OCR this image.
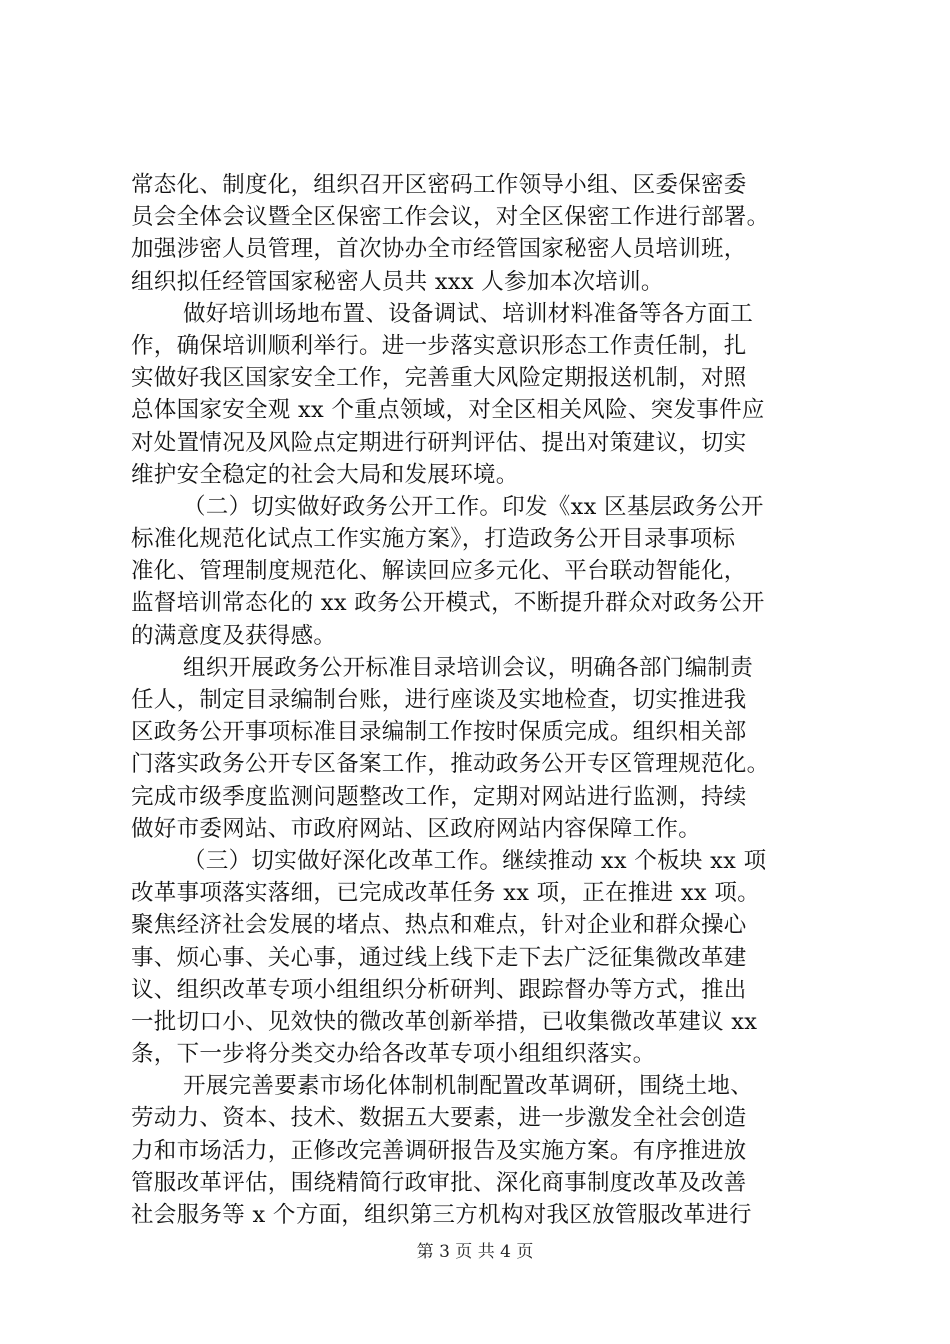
常态化、制度化，组织召开区密码工作领导小组、区委保密委
员会全体会议暨全区保密工作会议，对全区保密工作进行部署。
加强涉密人员管理，首次协办全市经管国家秘密人员培训班，
组织拟任经管国家秘密人员共 xxx 人参加本次培训。
做好培训场地布置、设备调试、培训材料准备等各方面工
作，确保培训顺利举行。进一步落实意识形态工作责任制，扎
实做好我区国家安全工作，完善重大风险定期报送机制，对照
总体国家安全观 xx 个重点领域，对全区相关风险、突发事件应
对处置情况及风险点定期进行研判评估、提出对策建议，切实
维护安全稳定的社会大局和发展环境。
（二）切实做好政务公开工作。印发《xx 区基层政务公开
标准化规范化试点工作实施方案》，打造政务公开目录事项标
准化、管理制度规范化、解读回应多元化、平台联动智能化，
监督培训常态化的 xx 政务公开模式，不断提升群众对政务公开
的满意度及获得感。
组织开展政务公开标准目录培训会议，明确各部门编制责
任人，制定目录编制台账，进行座谈及实地检查，切实推进我
区政务公开事项标准目录编制工作按时保质完成。组织相关部
门落实政务公开专区备案工作，推动政务公开专区管理规范化。
完成市级季度监测问题整改工作，定期对网站进行监测，持续
做好市委网站、市政府网站、区政府网站内容保障工作。
（三）切实做好深化改革工作。继续推动 xx 个板块 xx 项
改革事项落实落细，已完成改革任务 xx 项，正在推进 xx 项。
聚焦经济社会发展的堵点、热点和难点，针对企业和群众操心
事、烦心事、关心事，通过线上线下走下去广泛征集微改革建
议、组织改革专项小组组织分析研判、跟踪督办等方式，推出
一批切口小、见效快的微改革创新举措，已收集微改革建议 xx
条，下一步将分类交办给各改革专项小组组织落实。
开展完善要素市场化体制机制配置改革调研，围绕土地、
劳动力、资本、技术、数据五大要素，进一步激发全社会创造
力和市场活力，正修改完善调研报告及实施方案。有序推进放
管服改革评估，围绕精简行政审批、深化商事制度改革及改善
社会服务等 x 个方面，组织第三方机构对我区放管服改革进行
第 3 页 共 4 页
